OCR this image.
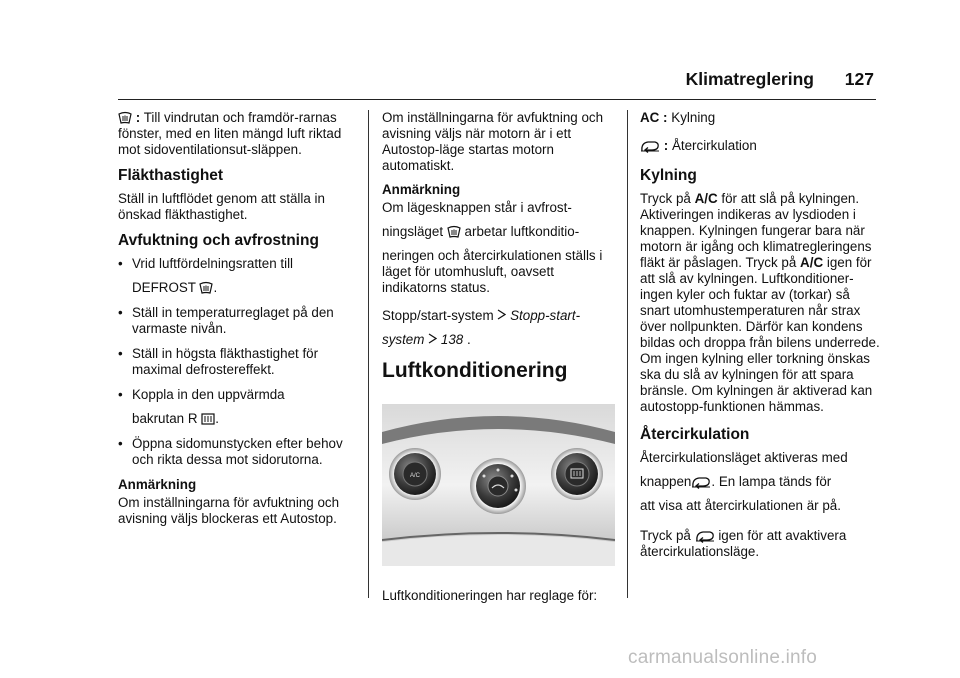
Klimatreglering 127

: Till vindrutan och framdör-rarnas fönster, med en liten mängd luft riktad mot sidoventilationsut-släppen.

Fläkthastighet

Ställ in luftflödet genom att ställa in önskad fläkthastighet.

Avfuktning och avfrostning
• Vrid luftfördelningsratten till
DEFROST .
• Ställ in temperaturreglaget på den varmaste nivån.
• Ställ in högsta fläkthastighet för maximal defrostereffekt.
• Koppla in den uppvärmda
bakrutan R .
• Öppna sidomunstycken efter behov och rikta dessa mot sidorutorna.
Anmärkning

Om inställningarna för avfuktning och avisning väljs blockeras ett Autostop.

Om inställningarna för avfuktning och avisning väljs när motorn är i ett Autostop-läge startas motorn automatiskt.

Anmärkning
Om lägesknappen står i avfrost-
ningsläget arbetar luftkonditio-

neringen och återcirkulationen ställs i läget för utomhusluft, oavsett indikatorns status.

Stopp/start-system Stopp-start-
system 138 .
Luftkonditionering
A/C

Luftkonditioneringen har reglage för:

AC : Kylning

: Återcirkulation

Kylning

Tryck på A/C för att slå på kylningen. Aktiveringen indikeras av lysdioden i knappen. Kylningen fungerar bara när motorn är igång och klimatregleringens fläkt är påslagen. Tryck på A/C igen för att slå av kylningen. Luftkonditioner-ingen kyler och fuktar av (torkar) så snart utomhustemperaturen når strax över nollpunkten. Därför kan kondens bildas och droppa från bilens underrede. Om ingen kylning eller torkning önskas ska du slå av kylningen för att spara bränsle. Om kylningen är aktiverad kan autostopp-funktionen hämmas.

Återcirkulation
Återcirkulationsläget aktiveras med
knappen . En lampa tänds för

att visa att återcirkulationen är på.

Tryck på igen för att avaktivera återcirkulationsläge.

carmanualsonline.info
